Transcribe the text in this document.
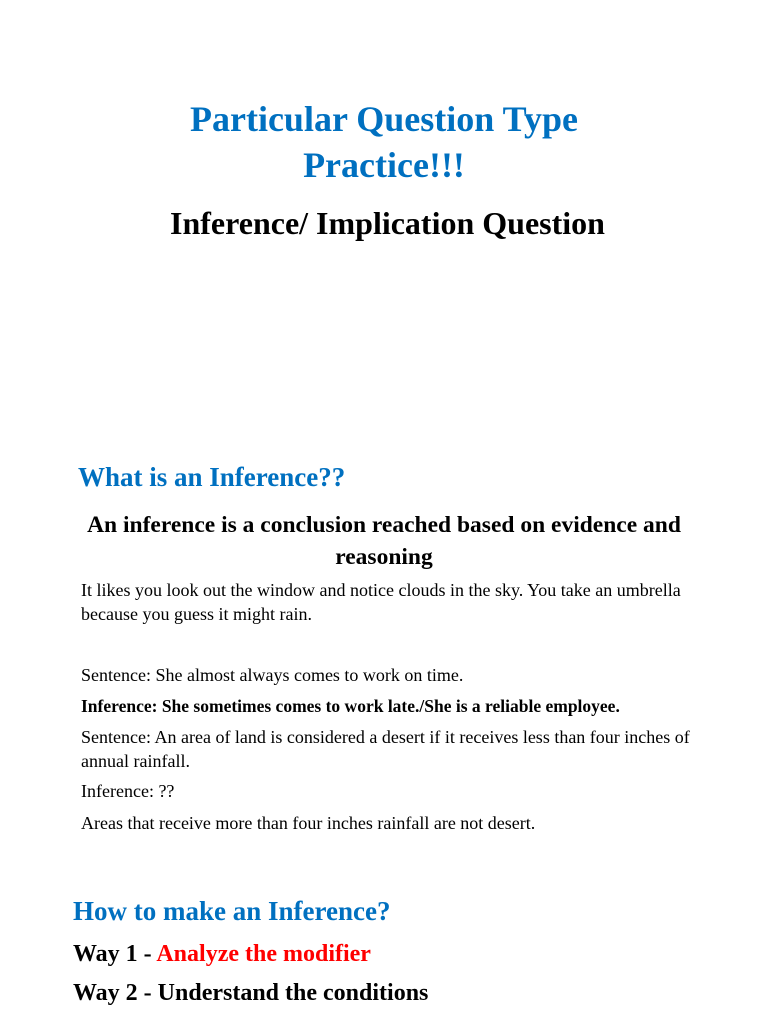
Particular Question Type
Practice!!!
Inference/ Implication Question
What is an Inference??
An inference is a conclusion reached based on evidence and reasoning
It likes you look out the window and notice clouds in the sky. You take an umbrella because you guess it might rain.
Sentence: She almost always comes to work on time.
Inference: She sometimes comes to work late./She is a reliable employee.
Sentence: An area of land is considered a desert if it receives less than four inches of annual rainfall.
Inference: ??
Areas that receive more than four inches rainfall are not desert.
How to make an Inference?
Way 1 - Analyze the modifier
Way 2 - Understand the conditions
